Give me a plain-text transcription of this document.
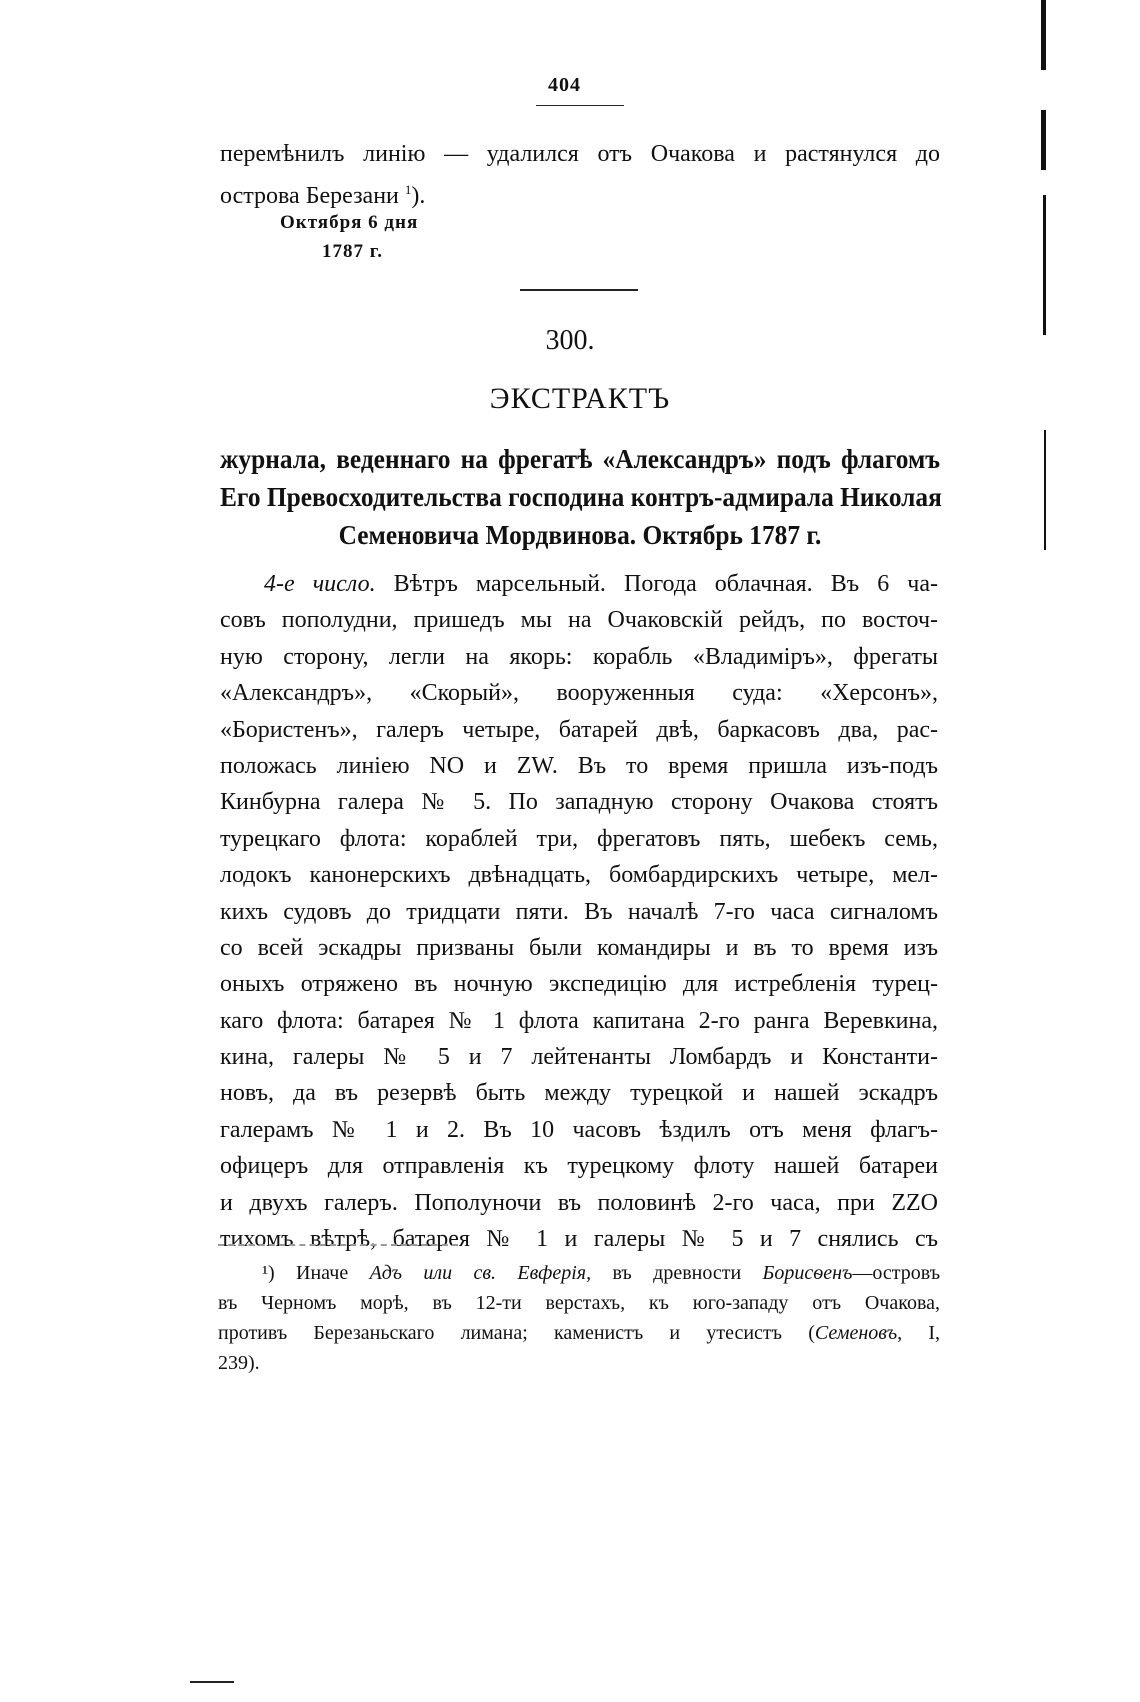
404
перемѣнилъ линію — удалился отъ Очакова и растянулся до
острова Березани $^1$).
Октября 6 дня
1787 г.
300.
ЭКСТРАКТЪ
журнала, веденнаго на фрегатѣ «Александръ» подъ флагомъ
Его Превосходительства господина контръ-адмирала Николая
Семеновича Мордвинова. Октябрь 1787 г.
4-е число. Вѣтръ марсельный. Погода облачная. Въ 6 ча-
совъ пополудни, пришедъ мы на Очаковскій рейдъ, по восточ-
ную сторону, легли на якорь: корабль «Владиміръ», фрегаты
«Александръ», «Скорый», вооруженныя суда: «Херсонъ»,
«Бористенъ», галеръ четыре, батарей двѣ, баркасовъ два, рас-
положась линіею NO и ZW. Въ то время пришла изъ-подъ
Кинбурна галера № 5. По западную сторону Очакова стоятъ
турецкаго флота: кораблей три, фрегатовъ пять, шебекъ семь,
лодокъ канонерскихъ двѣнадцать, бомбардирскихъ четыре, мел-
кихъ судовъ до тридцати пяти. Въ началѣ 7-го часа сигналомъ
со всей эскадры призваны были командиры и въ то время изъ
оныхъ отряжено въ ночную экспедицію для истребленія турец-
каго флота: батарея № 1 флота капитана 2-го ранга Веревкина,
кина, галеры № 5 и 7 лейтенанты Ломбардъ и Константи-
новъ, да въ резервѣ быть между турецкой и нашей эскадръ
галерамъ № 1 и 2. Въ 10 часовъ ѣздилъ отъ меня флагъ-
офицеръ для отправленія къ турецкому флоту нашей батареи
и двухъ галеръ. Пополуночи въ половинѣ 2-го часа, при ZZO
тихомъ вѣтрѣ, батарея № 1 и галеры № 5 и 7 снялись съ
¹) Иначе Адъ или св. Евферія, въ древности Борисѳенъ—островъ
въ Черномъ морѣ, въ 12-ти верстахъ, къ юго-западу отъ Очакова,
противъ Березаньскаго лимана; каменистъ и утесистъ (Семеновъ, I,
239).
